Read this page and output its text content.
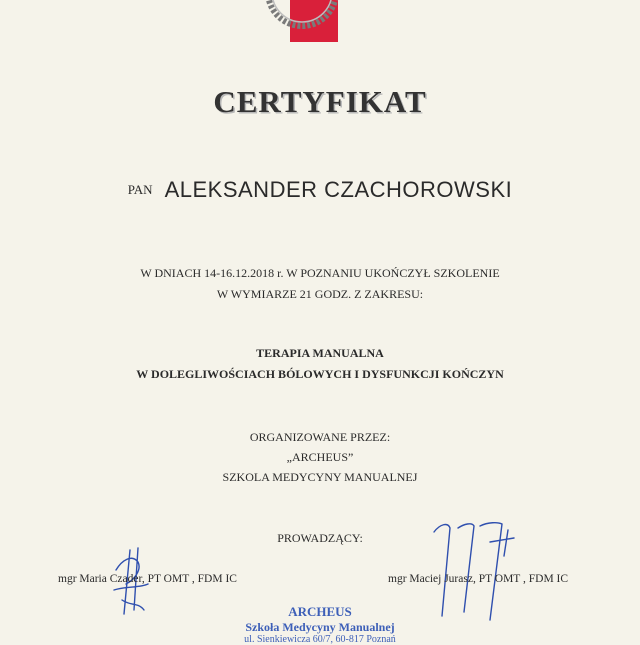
CERTYFIKAT
PAN ALEKSANDER CZACHOROWSKI
W DNIACH 14-16.12.2018 r. W POZNANIU UKOŃCZYŁ SZKOLENIE
W WYMIARZE 21 GODZ. Z ZAKRESU:
TERAPIA MANUALNA
W DOLEGLIWOŚCIACH BÓLOWYCH I DYSFUNKCJI KOŃCZYN
ORGANIZOWANE PRZEZ:
„ARCHEUS”
SZKOLA MEDYCYNY MANUALNEJ
PROWADZĄCY:
mgr Maria Czader, PT OMT , FDM IC	mgr Maciej Jurasz, PT OMT , FDM IC
ARCHEUS
Szkoła Medycyny Manualnej
ul. Sienkiewicza 60/7, 60-817 Poznań
